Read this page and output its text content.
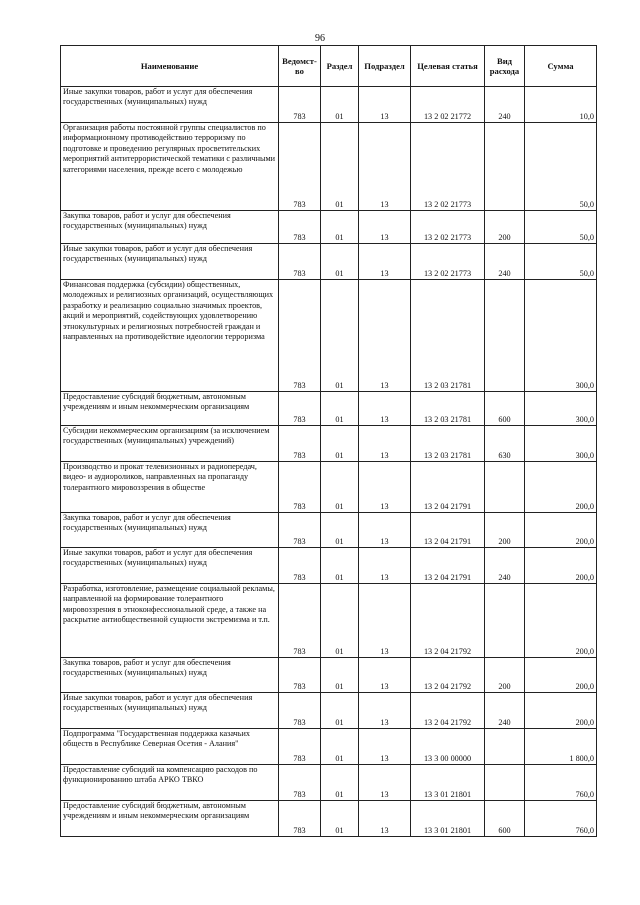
96
Наименование	Ведомст-во	Раздел	Подраздел	Целевая статья	Вид расхода	Сумма
Иные закупки товаров, работ и услуг для обеспечения государственных (муниципальных) нужд	783	01	13	13 2 02 21772	240	10,0
Организация работы постоянной группы специалистов по информационному противодействию терроризму по подготовке и проведению регулярных просветительских мероприятий антитеррористической тематики с различными категориями населения, прежде всего с молодежью	783	01	13	13 2 02 21773		50,0
Закупка товаров, работ и услуг для обеспечения государственных (муниципальных) нужд	783	01	13	13 2 02 21773	200	50,0
Иные закупки товаров, работ и услуг для обеспечения государственных (муниципальных) нужд	783	01	13	13 2 02 21773	240	50,0
Финансовая поддержка (субсидии) общественных, молодежных и религиозных организаций, осуществляющих разработку и реализацию социально значимых проектов, акций и мероприятий, содействующих удовлетворению этнокультурных и религиозных потребностей граждан и направленных на противодействие идеологии терроризма	783	01	13	13 2 03 21781		300,0
Предоставление субсидий бюджетным, автономным учреждениям и иным некоммерческим организациям	783	01	13	13 2 03 21781	600	300,0
Субсидии некоммерческим организациям (за исключением государственных (муниципальных) учреждений)	783	01	13	13 2 03 21781	630	300,0
Производство и прокат телевизионных и радиопередач, видео- и аудиороликов, направленных на пропаганду толерантного мировоззрения в обществе	783	01	13	13 2 04 21791		200,0
Закупка товаров, работ и услуг для обеспечения государственных (муниципальных) нужд	783	01	13	13 2 04 21791	200	200,0
Иные закупки товаров, работ и услуг для обеспечения государственных (муниципальных) нужд	783	01	13	13 2 04 21791	240	200,0
Разработка, изготовление, размещение социальной рекламы, направленной на формирование толерантного мировоззрения в этноконфессиональной среде, а также на раскрытие антиобщественной сущности экстремизма и т.п.	783	01	13	13 2 04 21792		200,0
Закупка товаров, работ и услуг для обеспечения государственных (муниципальных) нужд	783	01	13	13 2 04 21792	200	200,0
Иные закупки товаров, работ и услуг для обеспечения государственных (муниципальных) нужд	783	01	13	13 2 04 21792	240	200,0
Подпрограмма "Государственная поддержка казачьих обществ в Республике Северная Осетия - Алания"	783	01	13	13 3 00 00000		1 800,0
Предоставление субсидий на компенсацию расходов по функционированию штаба АРКО ТВКО	783	01	13	13 3 01 21801		760,0
Предоставление субсидий бюджетным, автономным учреждениям и иным некоммерческим организациям	783	01	13	13 3 01 21801	600	760,0
